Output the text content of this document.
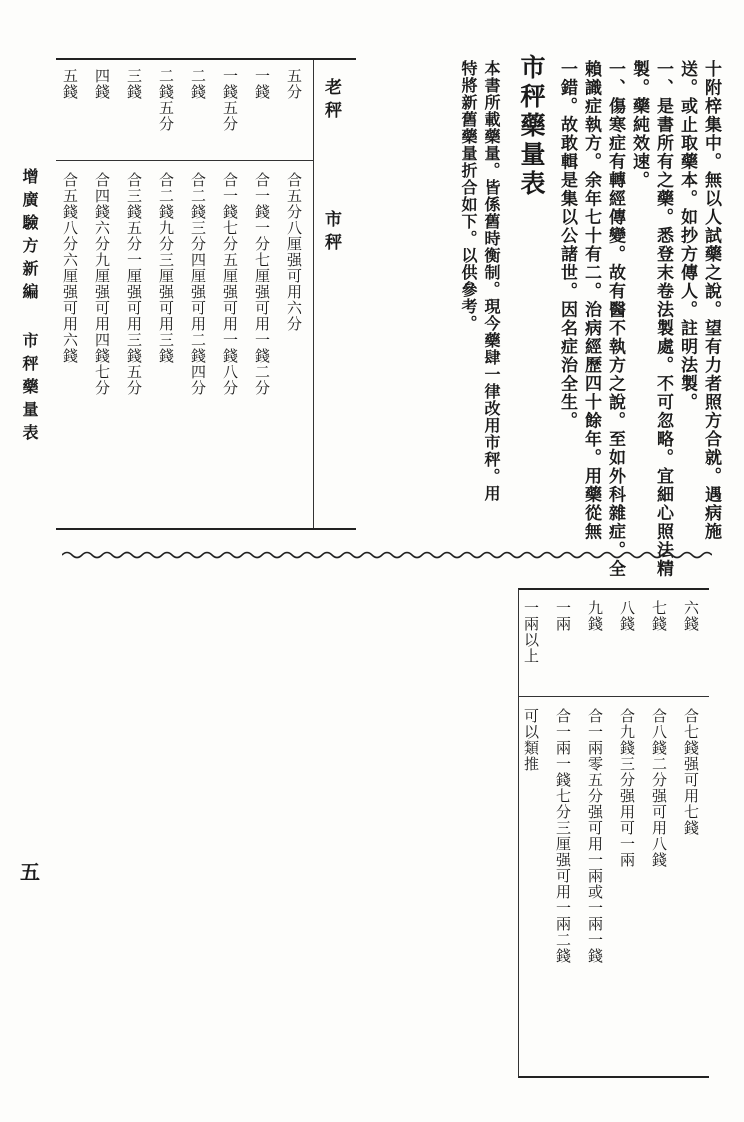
增廣驗方新編 市秤藥量表
五
十附梓集中。無以人試藥之說。望有力者照方合就。遇病施
送。或止取藥本。如抄方傳人。註明法製。
一、是書所有之藥。悉登末卷法製處。不可忽略。宜細心照法精
製。藥純效速。
一、傷寒症有轉經傳變。故有醫不執方之說。至如外科雜症。全
賴識症執方。余年七十有二。治病經歷四十餘年。用藥從無
一錯。故敢輯是集以公諸世。因名症治全生。
市秤藥量表
本書所載藥量。皆係舊時衡制。現今藥肆一律改用市秤。用
特將新舊藥量折合如下。以供參考。
老秤
市秤
五分
一錢
一錢五分
二錢
二錢五分
三錢
四錢
五錢
合五分八厘强可用六分
合一錢一分七厘强可用一錢二分
合一錢七分五厘强可用一錢八分
合二錢三分四厘强可用二錢四分
合二錢九分三厘强可用三錢
合三錢五分一厘强可用三錢五分
合四錢六分九厘强可用四錢七分
合五錢八分六厘强可用六錢
六錢
七錢
八錢
九錢
一兩
一兩以上
合七錢强可用七錢
合八錢二分强可用八錢
合九錢三分强用可一兩
合一兩零五分强可用一兩或一兩一錢
合一兩一錢七分三厘强可用一兩二錢
可以類推
